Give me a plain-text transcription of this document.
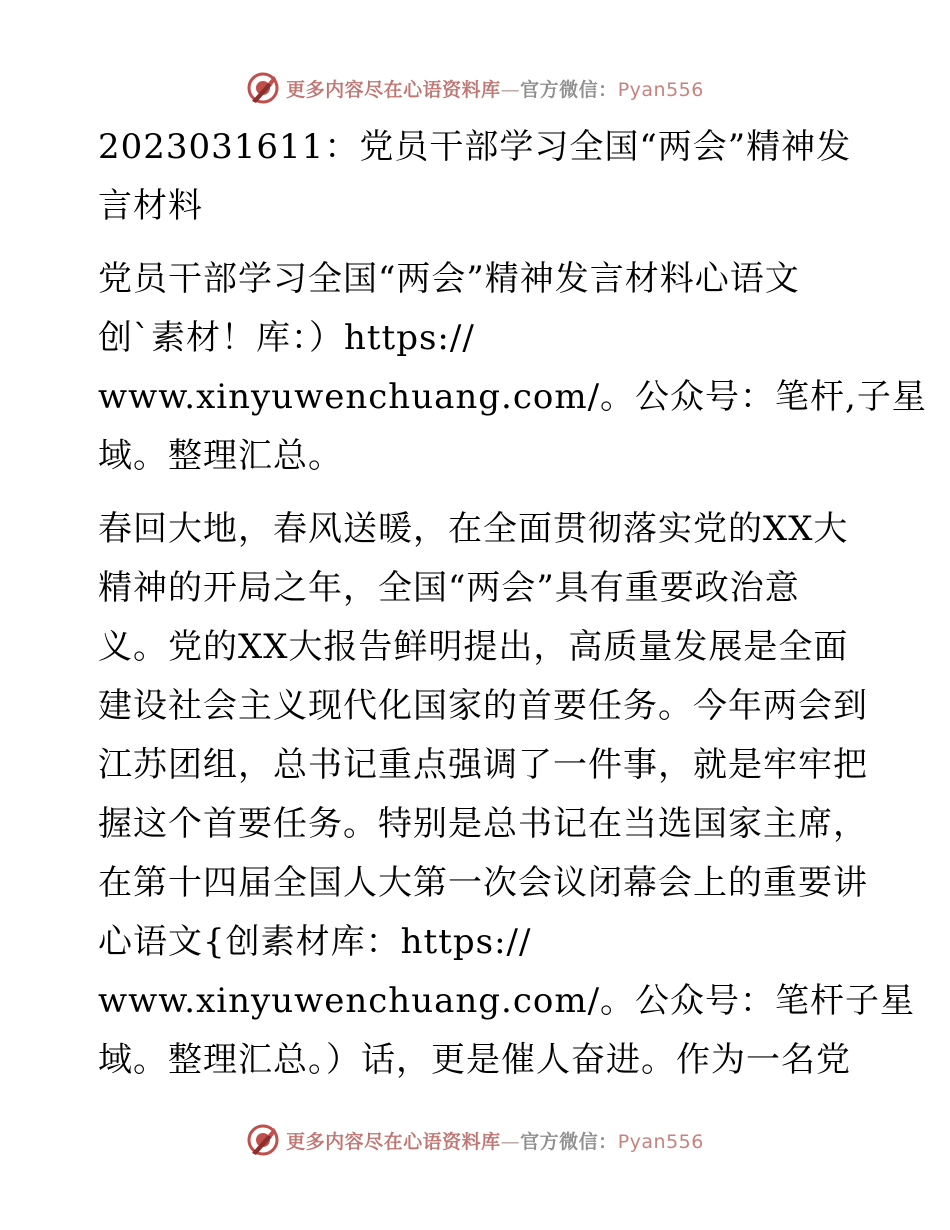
更多内容尽在心语资料库—官方微信：Pyan556
2023031611：党员干部学习全国“两会”精神发
言材料
党员干部学习全国“两会”精神发言材料心语文
创`素材！库：）https://
www.xinyuwenchuang.com/。公众号：笔杆,子星
域。整理汇总。
春回大地，春风送暖，在全面贯彻落实党的XX大
精神的开局之年，全国“两会”具有重要政治意
义。党的XX大报告鲜明提出，高质量发展是全面
建设社会主义现代化国家的首要任务。今年两会到
江苏团组，总书记重点强调了一件事，就是牢牢把
握这个首要任务。特别是总书记在当选国家主席，
在第十四届全国人大第一次会议闭幕会上的重要讲
心语文{创素材库：https://
www.xinyuwenchuang.com/。公众号：笔杆子星
域。整理汇总。）话，更是催人奋进。作为一名党
更多内容尽在心语资料库—官方微信：Pyan556
